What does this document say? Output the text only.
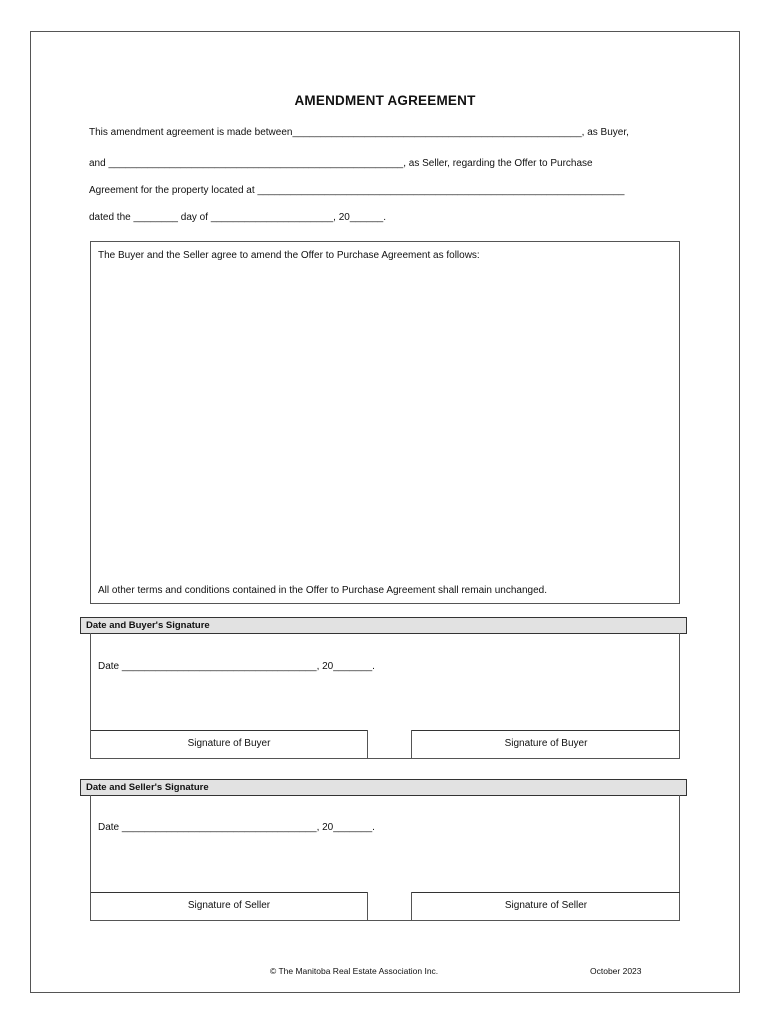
AMENDMENT AGREEMENT
This amendment agreement is made between____________________________________________________, as Buyer,
and _____________________________________________________, as Seller, regarding the Offer to Purchase
Agreement for the property located at __________________________________________________________________
dated the ________ day of ______________________, 20______.
The Buyer and the Seller agree to amend the Offer to Purchase Agreement as follows:
All other terms and conditions contained in the Offer to Purchase Agreement shall remain unchanged.
Date and Buyer's Signature
Date ___________________________________, 20_______.
Signature of Buyer	Signature of Buyer
Date and Seller's Signature
Date ___________________________________, 20_______.
Signature of Seller	Signature of Seller
© The Manitoba Real Estate Association Inc.	October 2023
